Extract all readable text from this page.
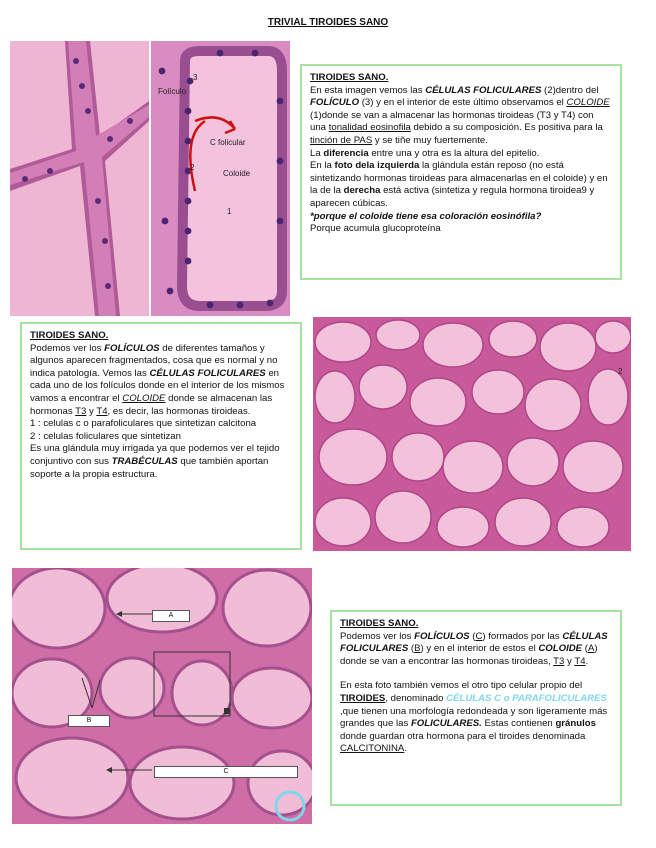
TRIVIAL TIROIDES SANO
3
Folículo
C folicular
2
Coloide
1

TIROIDES SANO.

En esta imagen vemos las CÉLULAS FOLICULARES (2)dentro del FOLÍCULO (3) y en el interior de este último observamos el COLOIDE (1)donde se van a almacenar las hormonas tiroideas (T3 y T4) con una tonalidad eosinofila debido a su composición. Es positiva para la tinción de PAS y se tiñe muy fuertemente.

La diferencia entre una y otra es la altura del epitelio.

En la foto dela izquierda la glándula están reposo (no está sintetizando hormonas tiroideas para almacenarlas en el coloide) y en la de la derecha está activa (sintetiza y regula hormona tiroidea9 y aparecen cúbicas.

*porque el coloide tiene esa coloración eosinófila?

Porque acumula glucoproteína

TIROIDES SANO.

Podemos ver los FOLÍCULOS de diferentes tamaños y algunos aparecen fragmentados, cosa que es normal y no indica patología. Vemos las CÉLULAS FOLICULARES en cada uno de los folículos donde en el interior de los mismos vamos a encontrar el COLOIDE donde se almacenan las hormonas T3 y T4, es decir, las hormonas tiroideas.

1 : celulas c o parafoliculares que sintetizan calcitona

2 : celulas foliculares que sintetizan

Es una glándula muy irrigada ya que podemos ver el tejido conjuntivo con sus TRABÉCULAS que también aportan soporte a la propia estructura.

2
A
B
C

TIROIDES SANO.

Podemos ver los FOLÍCULOS (C) formados por las CÉLULAS FOLICULARES (B) y en el interior de estos el COLOIDE (A) donde se van a encontrar las hormonas tiroideas, T3 y T4.

En esta foto también vemos el otro tipo celular propio del TIROIDES, denominado CÉLULAS C o PARAFOLICULARES ,que tienen una morfología redondeada y son ligeramente más grandes que las FOLICULARES. Estas contienen gránulos donde guardan otra hormona para el tiroides denominada CALCITONINA.
